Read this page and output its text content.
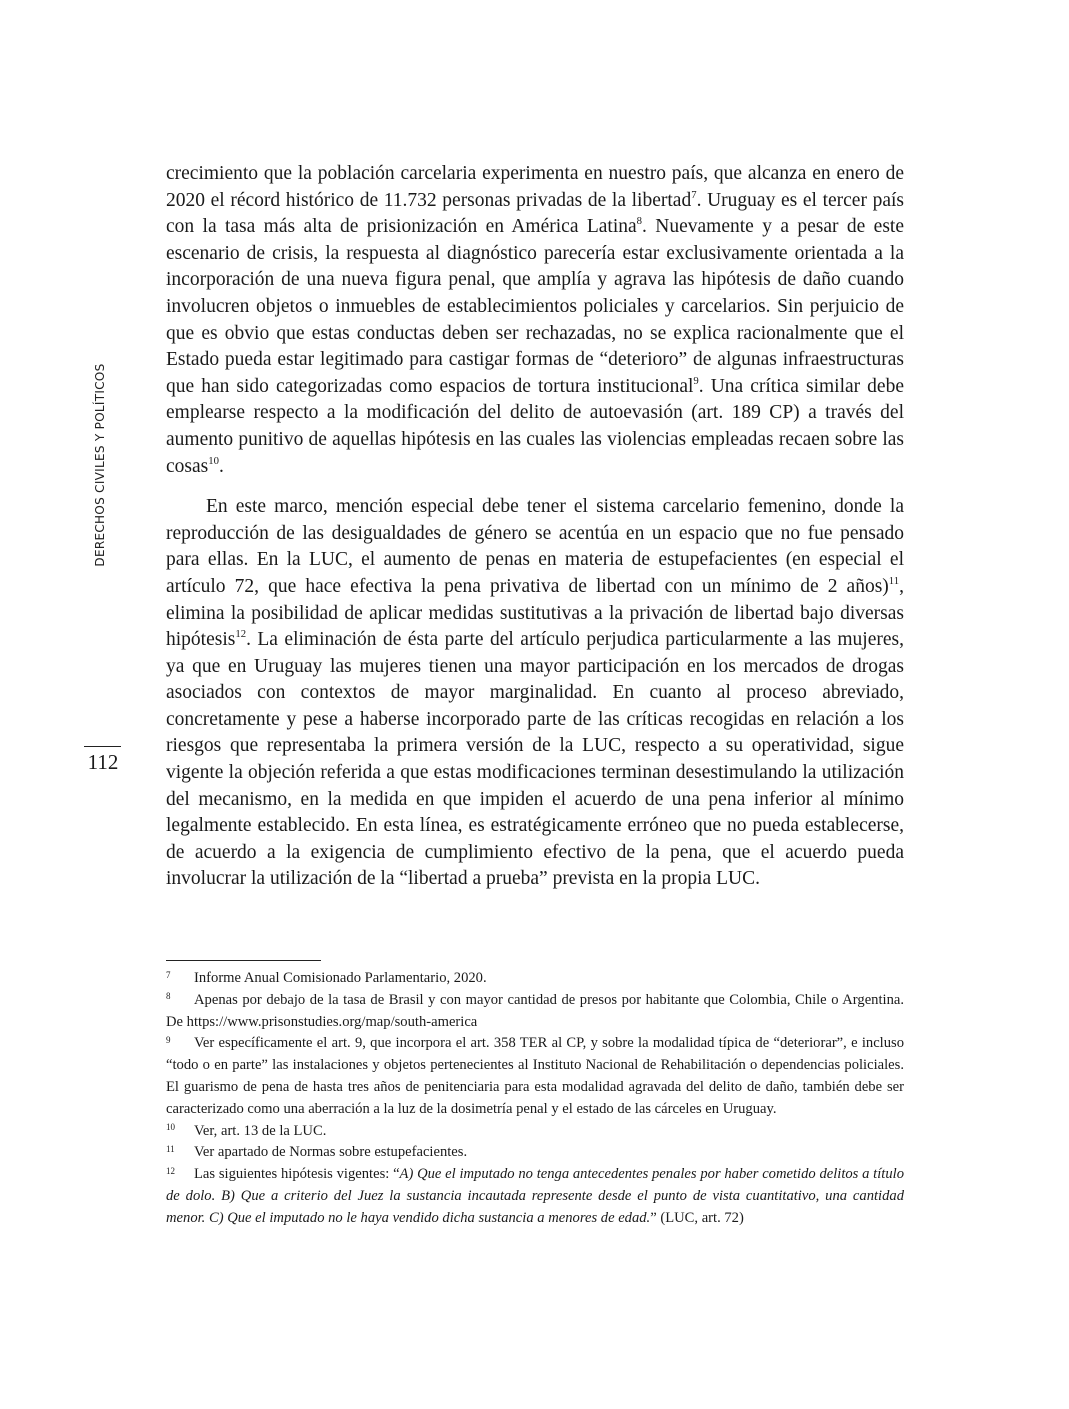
DERECHOS CIVILES Y POLÍTICOS
112

crecimiento que la población carcelaria experimenta en nuestro país, que alcanza en enero de 2020 el récord histórico de 11.732 personas privadas de la libertad$^7$. Uruguay es el tercer país con la tasa más alta de prisionización en América Latina$^8$. Nuevamente y a pesar de este escenario de crisis, la respuesta al diagnóstico parecería estar exclusivamente orientada a la incorporación de una nueva figura penal, que amplía y agrava las hipótesis de daño cuando involucren objetos o inmuebles de establecimientos policiales y carcelarios. Sin perjuicio de que es obvio que estas conductas deben ser rechazadas, no se explica racionalmente que el Estado pueda estar legitimado para castigar formas de “deterioro” de algunas infraestructuras que han sido categorizadas como espacios de tortura institucional$^9$. Una crítica similar debe emplearse respecto a la modificación del delito de autoevasión (art. 189 CP) a través del aumento punitivo de aquellas hipótesis en las cuales las violencias empleadas recaen sobre las cosas$^{10}$.

En este marco, mención especial debe tener el sistema carcelario femenino, donde la reproducción de las desigualdades de género se acentúa en un espacio que no fue pensado para ellas. En la LUC, el aumento de penas en materia de estupefacientes (en especial el artículo 72, que hace efectiva la pena privativa de libertad con un mínimo de 2 años)$^{11}$, elimina la posibilidad de aplicar medidas sustitutivas a la privación de libertad bajo diversas hipótesis$^{12}$. La eliminación de ésta parte del artículo perjudica particularmente a las mujeres, ya que en Uruguay las mujeres tienen una mayor participación en los mercados de drogas asociados con contextos de mayor marginalidad. En cuanto al proceso abreviado, concretamente y pese a haberse incorporado parte de las críticas recogidas en relación a los riesgos que representaba la primera versión de la LUC, respecto a su operatividad, sigue vigente la objeción referida a que estas modificaciones terminan desestimulando la utilización del mecanismo, en la medida en que impiden el acuerdo de una pena inferior al mínimo legalmente establecido. En esta línea, es estratégicamente erróneo que no pueda establecerse, de acuerdo a la exigencia de cumplimiento efectivo de la pena, que el acuerdo pueda involucrar la utilización de la “libertad a prueba” prevista en la propia LUC.

7 Informe Anual Comisionado Parlamentario, 2020.

8 Apenas por debajo de la tasa de Brasil y con mayor cantidad de presos por habitante que Colombia, Chile o Argentina. De https://www.prisonstudies.org/map/south-america

9 Ver específicamente el art. 9, que incorpora el art. 358 TER al CP, y sobre la modalidad típica de “deteriorar”, e incluso “todo o en parte” las instalaciones y objetos pertenecientes al Instituto Nacional de Rehabilitación o dependencias policiales. El guarismo de pena de hasta tres años de penitenciaria para esta modalidad agravada del delito de daño, también debe ser caracterizado como una aberración a la luz de la dosimetría penal y el estado de las cárceles en Uruguay.

10 Ver, art. 13 de la LUC.

11 Ver apartado de Normas sobre estupefacientes.

12 Las siguientes hipótesis vigentes: “A) Que el imputado no tenga antecedentes penales por haber cometido delitos a título de dolo. B) Que a criterio del Juez la sustancia incautada represente desde el punto de vista cuantitativo, una cantidad menor. C) Que el imputado no le haya vendido dicha sustancia a menores de edad.” (LUC, art. 72)
